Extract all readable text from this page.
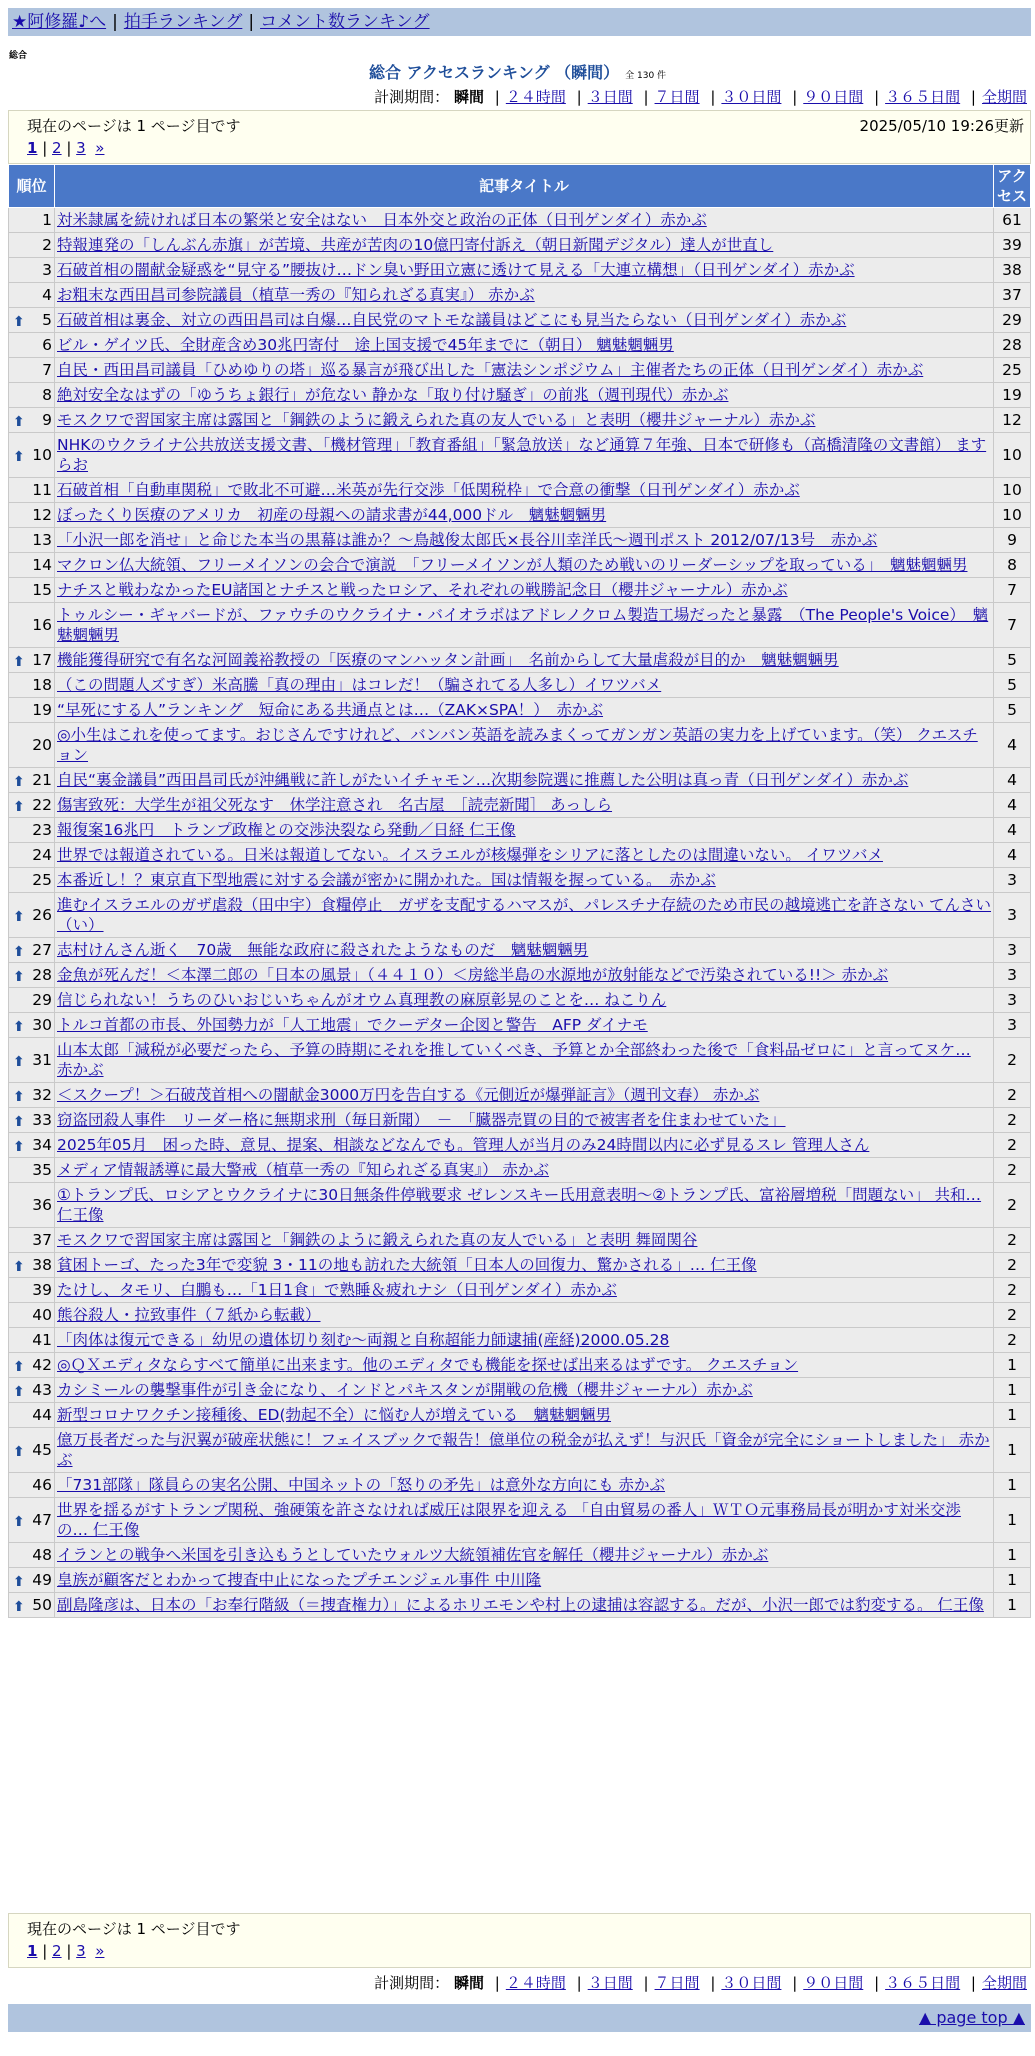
★阿修羅♪へ | 拍手ランキング | コメント数ランキング
総合
総合 アクセスランキング （瞬間） 全 130 件
計測期間： 瞬間 | ２４時間 | ３日間 | ７日間 | ３０日間 | ９０日間 | ３６５日間 | 全期間
現在のページは 1 ページ目です	2025/05/10 19:26更新
1 | 2 | 3 »
順位	記事タイトル	アクセス
1	対米隷属を続ければ日本の繁栄と安全はない　日本外交と政治の正体（日刊ゲンダイ）赤かぶ	61
2	特報連発の「しんぶん赤旗」が苦境、共産が苦肉の10億円寄付訴え（朝日新聞デジタル）達人が世直し	39
3	石破首相の闇献金疑惑を“見守る”腰抜け…ドン臭い野田立憲に透けて見える「大連立構想」（日刊ゲンダイ）赤かぶ	38
4	お粗末な西田昌司参院議員（植草一秀の『知られざる真実』） 赤かぶ	37

⬆ 5	石破首相は裏金、対立の西田昌司は自爆…自民党のマトモな議員はどこにも見当たらない（日刊ゲンダイ）赤かぶ	29
6	ビル・ゲイツ氏、全財産含め30兆円寄付　途上国支援で45年までに（朝日） 魑魅魍魎男	28
7	自民・西田昌司議員「ひめゆりの塔」巡る暴言が飛び出した「憲法シンポジウム」主催者たちの正体（日刊ゲンダイ）赤かぶ	25
8	絶対安全なはずの「ゆうちょ銀行」が危ない 静かな「取り付け騒ぎ」の前兆（週刊現代）赤かぶ	19

⬆ 9	モスクワで習国家主席は露国と「鋼鉄のように鍛えられた真の友人でいる」と表明（櫻井ジャーナル）赤かぶ	12

⬆ 10	NHKのウクライナ公共放送支援文書、「機材管理」「教育番組」「緊急放送」など通算７年強、日本で研修も（高橋清隆の文書館） ますらお	10
11	石破首相「自動車関税」で敗北不可避…米英が先行交渉「低関税枠」で合意の衝撃（日刊ゲンダイ）赤かぶ	10
12	ぼったくり医療のアメリカ　初産の母親への請求書が44,000ドル　魑魅魍魎男	10
13	「小沢一郎を消せ」と命じた本当の黒幕は誰か？～鳥越俊太郎氏×長谷川幸洋氏～週刊ポスト 2012/07/13号　赤かぶ	9
14	マクロン仏大統領、フリーメイソンの会合で演説　「フリーメイソンが人類のため戦いのリーダーシップを取っている」　魑魅魍魎男	8
15	ナチスと戦わなかったEU諸国とナチスと戦ったロシア、それぞれの戦勝記念日（櫻井ジャーナル）赤かぶ	7
16	トゥルシー・ギャバードが、ファウチのウクライナ・バイオラボはアドレノクロム製造工場だったと暴露　（The People's Voice）　魑魅魍魎男	7

⬆ 17	機能獲得研究で有名な河岡義裕教授の「医療のマンハッタン計画」　名前からして大量虐殺が目的か　魑魅魍魎男	5
18	（この問題人ズすぎ）米高騰「真の理由」はコレだ！（騙されてる人多し）イワツバメ	5
19	“早死にする人”ランキング　短命にある共通点とは…（ZAK×SPA！）　赤かぶ	5
20	◎小生はこれを使ってます。おじさんですけれど、バンバン英語を読みまくってガンガン英語の実力を上げています。（笑） クエスチョン	4

⬆ 21	自民“裏金議員”西田昌司氏が沖縄戦に許しがたいイチャモン…次期参院選に推薦した公明は真っ青（日刊ゲンダイ）赤かぶ	4

⬆ 22	傷害致死：大学生が祖父死なす　休学注意され　名古屋　［読売新聞］ あっしら	4
23	報復案16兆円　トランプ政権との交渉決裂なら発動／日経 仁王像	4
24	世界では報道されている。日米は報道してない。イスラエルが核爆弾をシリアに落としたのは間違いない。 イワツバメ	4
25	本番近し！？東京直下型地震に対する会議が密かに開かれた。国は情報を握っている。　赤かぶ	3

⬆ 26	進むイスラエルのガザ虐殺（田中宇）食糧停止　ガザを支配するハマスが、パレスチナ存続のため市民の越境逃亡を許さない てんさい（い）	3

⬆ 27	志村けんさん逝く　70歳　無能な政府に殺されたようなものだ　魑魅魍魎男	3

⬆ 28	金魚が死んだ！＜本澤二郎の「日本の風景」（４４１０）＜房総半島の水源地が放射能などで汚染されている!!＞ 赤かぶ	3
29	信じられない！うちのひいおじいちゃんがオウム真理教の麻原彰晃のことを… ねこりん	3

⬆ 30	トルコ首都の市長、外国勢力が「人工地震」でクーデター企図と警告　AFP ダイナモ	3

⬆ 31	山本太郎「減税が必要だったら、予算の時期にそれを推していくべき、予算とか全部終わった後で「食料品ゼロに」と言ってヌケ… 赤かぶ	2

⬆ 32	＜スクープ！＞石破茂首相への闇献金3000万円を告白する《元側近が爆弾証言》（週刊文春） 赤かぶ	2

⬆ 33	窃盗団殺人事件　リーダー格に無期求刑（毎日新聞）　－　「臓器売買の目的で被害者を住まわせていた」	2

⬆ 34	2025年05月　困った時、意見、提案、相談などなんでも。管理人が当月のみ24時間以内に必ず見るスレ 管理人さん	2
35	メディア情報誘導に最大警戒（植草一秀の『知られざる真実』） 赤かぶ	2
36	①トランプ氏、ロシアとウクライナに30日無条件停戦要求 ゼレンスキー氏用意表明～②トランプ氏、富裕層増税「問題ない」 共和… 仁王像	2
37	モスクワで習国家主席は露国と「鋼鉄のように鍛えられた真の友人でいる」と表明 舞岡関谷	2

⬆ 38	貧困トーゴ、たった3年で変貌 3・11の地も訪れた大統領「日本人の回復力、驚かされる」… 仁王像	2
39	たけし、タモリ、白鵬も…「1日1食」で熟睡＆疲れナシ（日刊ゲンダイ）赤かぶ	2
40	熊谷殺人・拉致事件（７紙から転載）	2
41	「肉体は復元できる」幼児の遺体切り刻む～両親と自称超能力師逮捕(産経)2000.05.28	2

⬆ 42	◎ＱＸエディタならすべて簡単に出来ます。他のエディタでも機能を探せば出来るはずです。 クエスチョン	1

⬆ 43	カシミールの襲撃事件が引き金になり、インドとパキスタンが開戦の危機（櫻井ジャーナル）赤かぶ	1
44	新型コロナワクチン接種後、ED(勃起不全）に悩む人が増えている　魑魅魍魎男	1

⬆ 45	億万長者だった与沢翼が破産状態に！フェイスブックで報告！億単位の税金が払えず！与沢氏「資金が完全にショートしました」 赤かぶ	1
46	「731部隊」隊員らの実名公開、中国ネットの「怒りの矛先」は意外な方向にも 赤かぶ	1

⬆ 47	世界を揺るがすトランプ関税、強硬策を許さなければ威圧は限界を迎える 「自由貿易の番人」ＷＴＯ元事務局長が明かす対米交渉の… 仁王像	1
48	イランとの戦争へ米国を引き込もうとしていたウォルツ大統領補佐官を解任（櫻井ジャーナル）赤かぶ	1

⬆ 49	皇族が顧客だとわかって捜査中止になったプチエンジェル事件 中川隆	1

⬆ 50	副島隆彦は、日本の「お奉行階級（＝捜査権力）」によるホリエモンや村上の逮捕は容認する。だが、小沢一郎では豹変する。 仁王像	1
現在のページは 1 ページ目です
1 | 2 | 3 »
計測期間： 瞬間 | ２４時間 | ３日間 | ７日間 | ３０日間 | ９０日間 | ３６５日間 | 全期間
▲ page top ▲
